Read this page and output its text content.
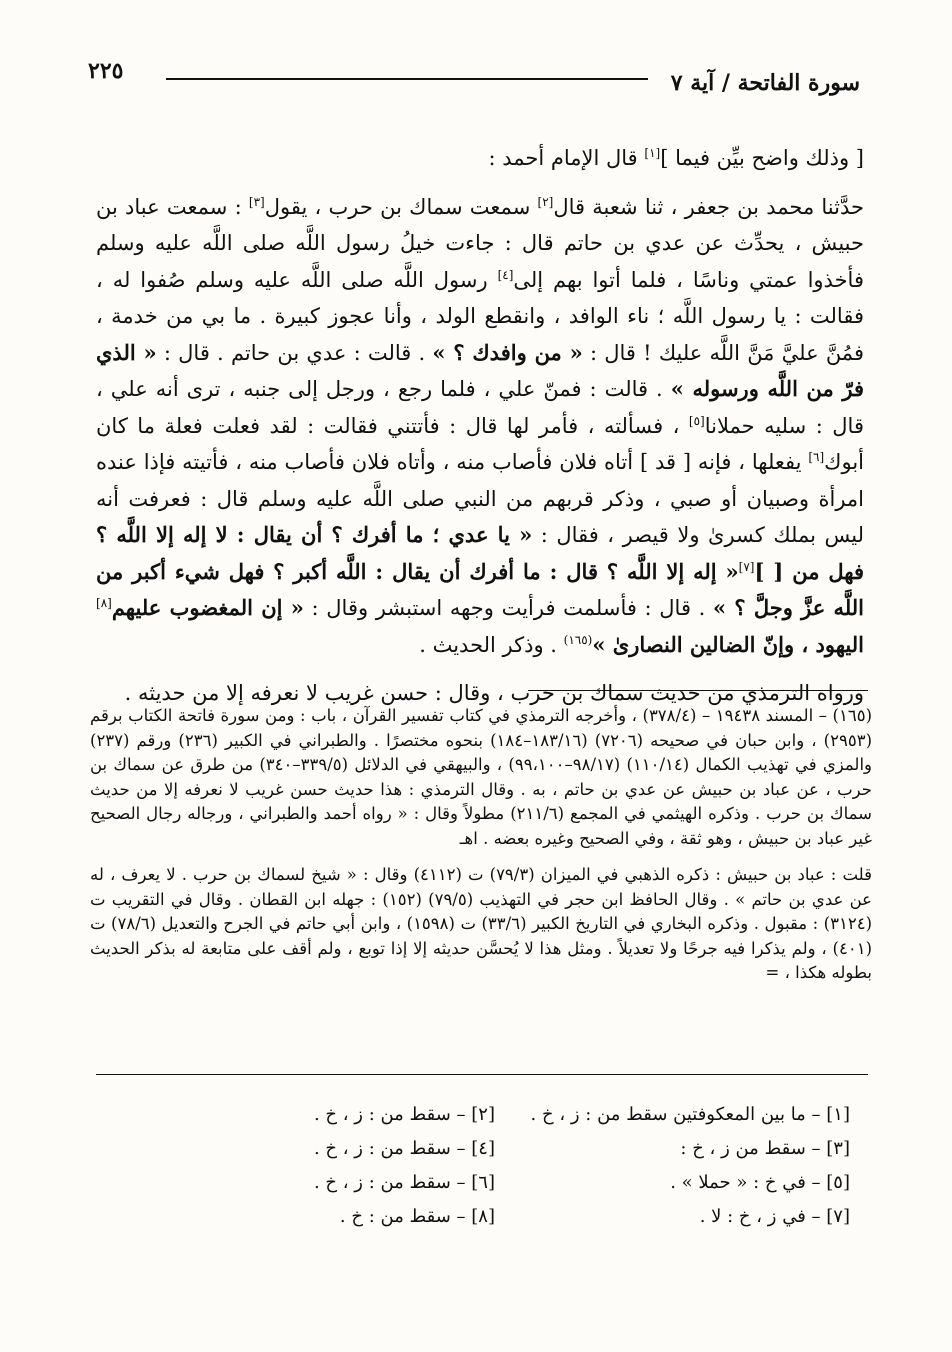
سورة الفاتحة / آية ٧
٢٢٥

[ وذلك واضح بيِّن فيما ][١] قال الإمام أحمد :

حدَّثنا محمد بن جعفر ، ثنا شعبة قال[٢] سمعت سماك بن حرب ، يقول[٣] : سمعت عباد بن حبيش ، يحدِّث عن عدي بن حاتم قال : جاءت خيلُ رسول اللَّه صلى اللَّه عليه وسلم فأخذوا عمتي وناسًا ، فلما أتوا بهم إلى[٤] رسول اللَّه صلى اللَّه عليه وسلم صُفوا له ، فقالت : يا رسول اللَّه ؛ ناء الوافد ، وانقطع الولد ، وأنا عجوز كبيرة . ما بي من خدمة ، فمُنَّ عليَّ مَنَّ اللَّه عليك ! قال : « من وافدك ؟ » . قالت : عدي بن حاتم . قال : « الذي فرّ من اللَّه ورسوله » . قالت : فمنّ علي ، فلما رجع ، ورجل إلى جنبه ، ترى أنه علي ، قال : سليه حملانا[٥] ، فسألته ، فأمر لها قال : فأتتني فقالت : لقد فعلت فعلة ما كان أبوك[٦] يفعلها ، فإنه [ قد ] أتاه فلان فأصاب منه ، وأتاه فلان فأصاب منه ، فأتيته فإذا عنده امرأة وصبيان أو صبي ، وذكر قربهم من النبي صلى اللَّه عليه وسلم قال : فعرفت أنه ليس بملك كسرىٰ ولا قيصر ، فقال : « يا عدي ؛ ما أفرك ؟ أن يقال : لا إله إلا اللَّه ؟ فهل من [ ][٧]« إله إلا اللَّه ؟ قال : ما أفرك أن يقال : اللَّه أكبر ؟ فهل شيء أكبر من اللَّه عزَّ وجلَّ ؟ » . قال : فأسلمت فرأيت وجهه استبشر وقال : « إن المغضوب عليهم[٨] اليهود ، وإنّ الضالين النصارىٰ »$^{(١٦٥)}$ . وذكر الحديث .

ورواه الترمذي من حديث سماك بن حرب ، وقال : حسن غريب لا نعرفه إلا من حديثه .

(١٦٥) – المسند ١٩٤٣٨ – (٣٧٨/٤) ، وأخرجه الترمذي في كتاب تفسير القرآن ، باب : ومن سورة فاتحة الكتاب برقم (٢٩٥٣) ، وابن حبان في صحيحه (٧٢٠٦) (١٨٣/١٦–١٨٤) بنحوه مختصرًا . والطبراني في الكبير (٢٣٦) ورقم (٢٣٧) والمزي في تهذيب الكمال (١١٠/١٤) (٩٨/١٧–٩٩،١٠٠) ، والبيهقي في الدلائل (٣٣٩/٥–٣٤٠) من طرق عن سماك بن حرب ، عن عباد بن حبيش عن عدي بن حاتم ، به . وقال الترمذي : هذا حديث حسن غريب لا نعرفه إلا من حديث سماك بن حرب . وذكره الهيثمي في المجمع (٢١١/٦) مطولاً وقال : « رواه أحمد والطبراني ، ورجاله رجال الصحيح غير عباد بن حبيش ، وهو ثقة ، وفي الصحيح وغيره بعضه . اهـ

قلت : عباد بن حبيش : ذكره الذهبي في الميزان (٧٩/٣) ت (٤١١٢) وقال : « شيخ لسماك بن حرب . لا يعرف ، له عن عدي بن حاتم » . وقال الحافظ ابن حجر في التهذيب (٧٩/٥) (١٥٢) : جهله ابن القطان . وقال في التقريب ت (٣١٢٤) : مقبول . وذكره البخاري في التاريخ الكبير (٣٣/٦) ت (١٥٩٨) ، وابن أبي حاتم في الجرح والتعديل (٧٨/٦) ت (٤٠١) ، ولم يذكرا فيه جرحًا ولا تعديلاً . ومثل هذا لا يُحسَّن حديثه إلا إذا توبع ، ولم أقف على متابعة له بذكر الحديث بطوله هكذا ، =

[١] – ما بين المعكوفتين سقط من : ز ، خ .
[٢] – سقط من : ز ، خ .
[٣] – سقط من ز ، خ :
[٤] – سقط من : ز ، خ .
[٥] – في خ : « حملا » .
[٦] – سقط من : ز ، خ .
[٧] – في ز ، خ : لا .
[٨] – سقط من : خ .
